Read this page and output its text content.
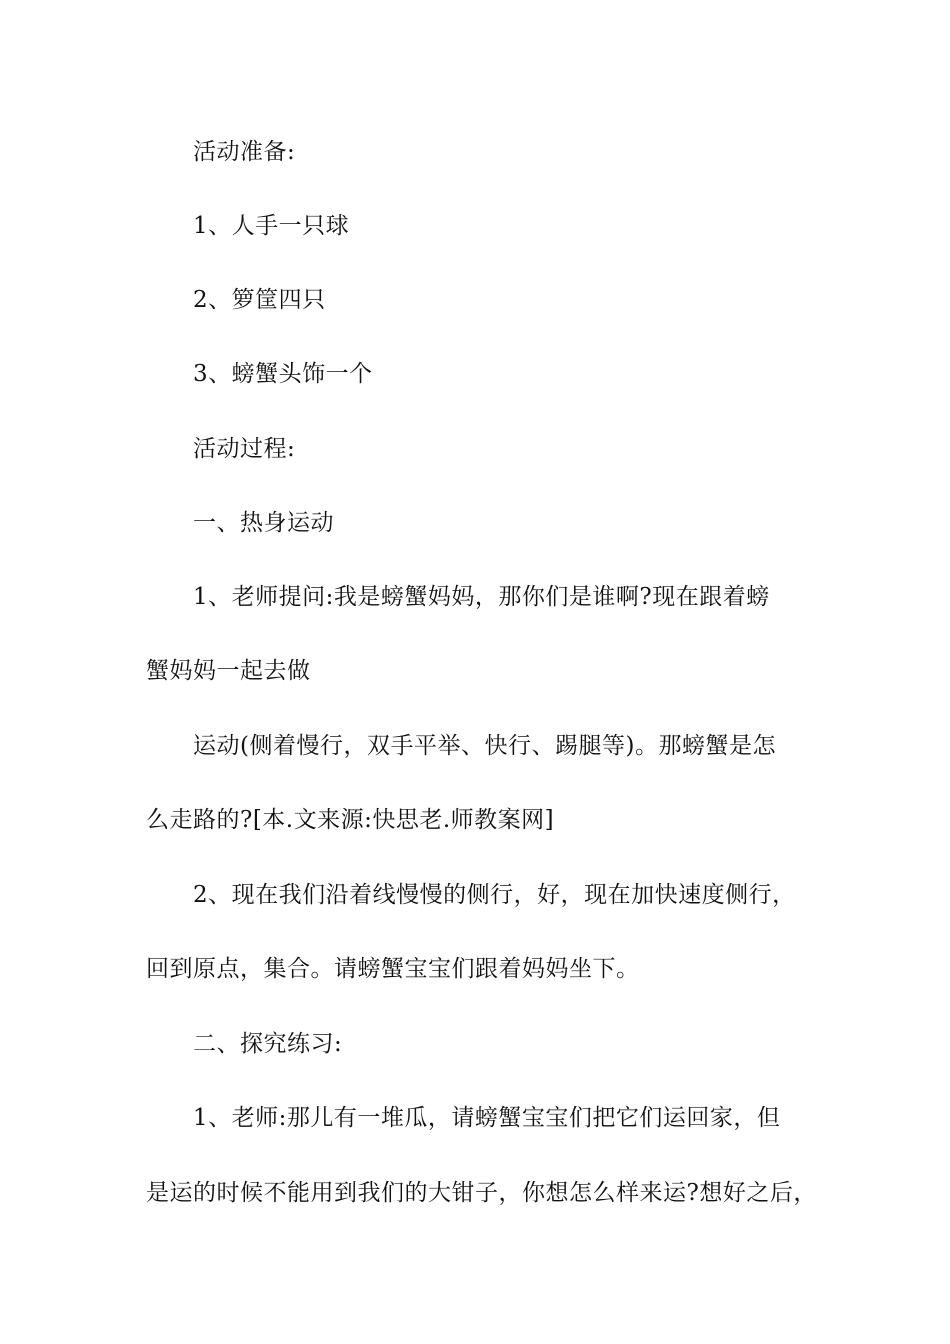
活动准备:
1、人手一只球
2、箩筐四只
3、螃蟹头饰一个
活动过程:
一、热身运动
1、老师提问:我是螃蟹妈妈，那你们是谁啊?现在跟着螃
蟹妈妈一起去做
运动(侧着慢行，双手平举、快行、踢腿等)。那螃蟹是怎
么走路的?[本.文来源:快思老.师教案网]
2、现在我们沿着线慢慢的侧行，好，现在加快速度侧行，
回到原点，集合。请螃蟹宝宝们跟着妈妈坐下。
二、探究练习:
1、老师:那儿有一堆瓜，请螃蟹宝宝们把它们运回家，但
是运的时候不能用到我们的大钳子，你想怎么样来运?想好之后，
